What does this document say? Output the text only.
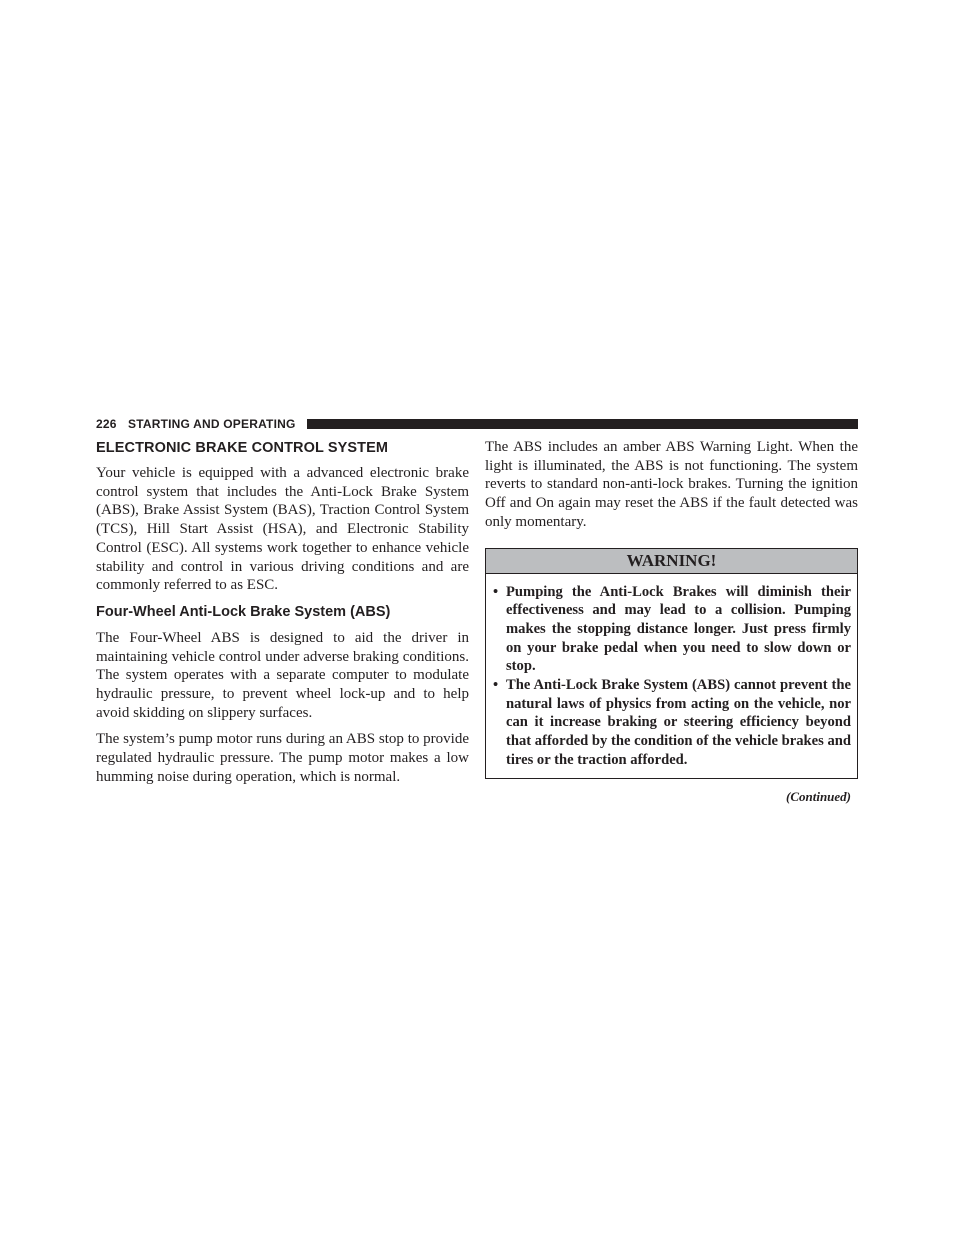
226 STARTING AND OPERATING
ELECTRONIC BRAKE CONTROL SYSTEM

Your vehicle is equipped with a advanced electronic brake control system that includes the Anti-Lock Brake System (ABS), Brake Assist System (BAS), Traction Control System (TCS), Hill Start Assist (HSA), and Electronic Stability Control (ESC). All systems work together to enhance vehicle stability and control in various driving conditions and are commonly referred to as ESC.

Four-Wheel Anti-Lock Brake System (ABS)

The Four-Wheel ABS is designed to aid the driver in maintaining vehicle control under adverse braking conditions. The system operates with a separate computer to modulate hydraulic pressure, to prevent wheel lock-up and to help avoid skidding on slippery surfaces.

The system’s pump motor runs during an ABS stop to provide regulated hydraulic pressure. The pump motor makes a low humming noise during operation, which is normal.

The ABS includes an amber ABS Warning Light. When the light is illuminated, the ABS is not functioning. The system reverts to standard non-anti-lock brakes. Turning the ignition Off and On again may reset the ABS if the fault detected was only momentary.

WARNING!
• Pumping the Anti-Lock Brakes will diminish their effectiveness and may lead to a collision. Pumping makes the stopping distance longer. Just press firmly on your brake pedal when you need to slow down or stop.
• The Anti-Lock Brake System (ABS) cannot prevent the natural laws of physics from acting on the vehicle, nor can it increase braking or steering efficiency beyond that afforded by the condition of the vehicle brakes and tires or the traction afforded.
(Continued)
